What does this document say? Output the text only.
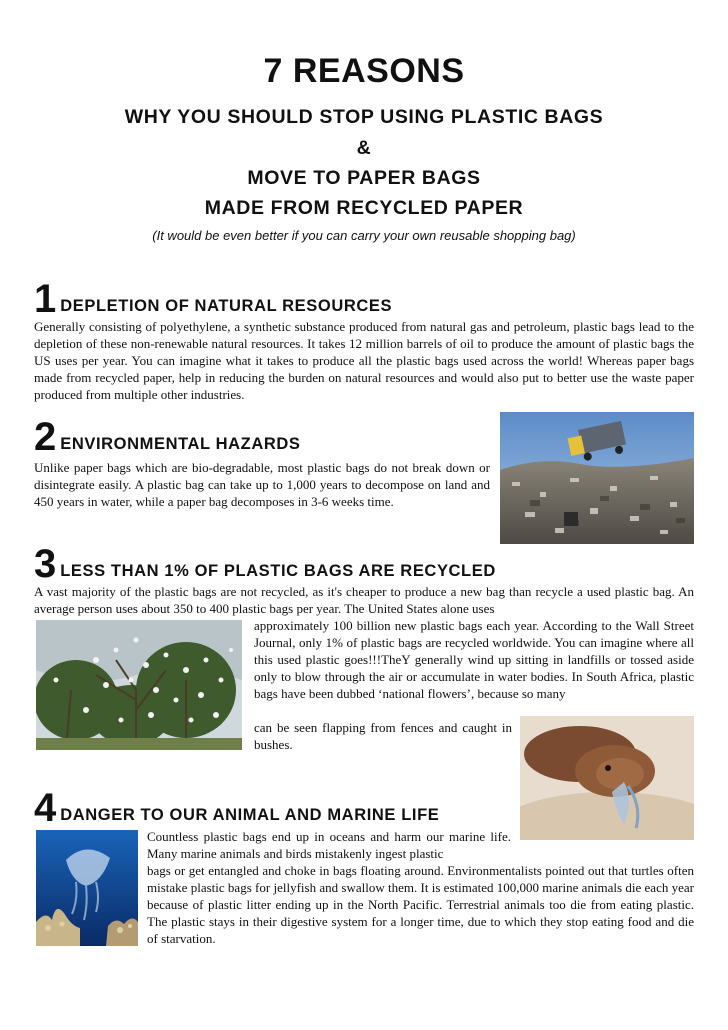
7 REASONS
WHY YOU SHOULD STOP USING PLASTIC BAGS
&
MOVE TO PAPER BAGS
MADE FROM RECYCLED PAPER
(It would be even better if you can carry your own reusable shopping bag)
1 DEPLETION OF NATURAL RESOURCES
Generally consisting of polyethylene, a synthetic substance produced from natural gas and petroleum, plastic bags lead to the depletion of these non-renewable natural resources. It takes 12 million barrels of oil to produce the amount of plastic bags the US uses per year. You can imagine what it takes to produce all the plastic bags used across the world! Whereas paper bags made from recycled paper, help in reducing the burden on natural resources and would also put to better use the waste paper produced from multiple other industries.
2 ENVIRONMENTAL HAZARDS
Unlike paper bags which are bio-degradable, most plastic bags do not break down or disintegrate easily. A plastic bag can take up to 1,000 years to decompose on land and 450 years in water, while a paper bag decomposes in 3-6 weeks time.
3 LESS THAN 1% OF PLASTIC BAGS ARE RECYCLED
A vast majority of the plastic bags are not recycled, as it's cheaper to produce a new bag than recycle a used plastic bag. An average person uses about 350 to 400 plastic bags per year. The United States alone uses
approximately 100 billion new plastic bags each year. According to the Wall Street Journal, only 1% of plastic bags are recycled worldwide. You can imagine where all this used plastic goes!!!TheY generally wind up sitting in landfills or tossed aside only to blow through the air or accumulate in water bodies. In South Africa, plastic bags have been dubbed ‘national flowers’, because so many
can be seen flapping from fences and caught in bushes.
4 DANGER TO OUR ANIMAL AND MARINE LIFE
Countless plastic bags end up in oceans and harm our marine life. Many marine animals and birds mistakenly ingest plastic
bags or get entangled and choke in bags floating around. Environmentalists pointed out that turtles often mistake plastic bags for jellyfish and swallow them. It is estimated 100,000 marine animals die each year because of plastic litter ending up in the North Pacific. Terrestrial animals too die from eating plastic. The plastic stays in their digestive system for a longer time, due to which they stop eating food and die of starvation.
